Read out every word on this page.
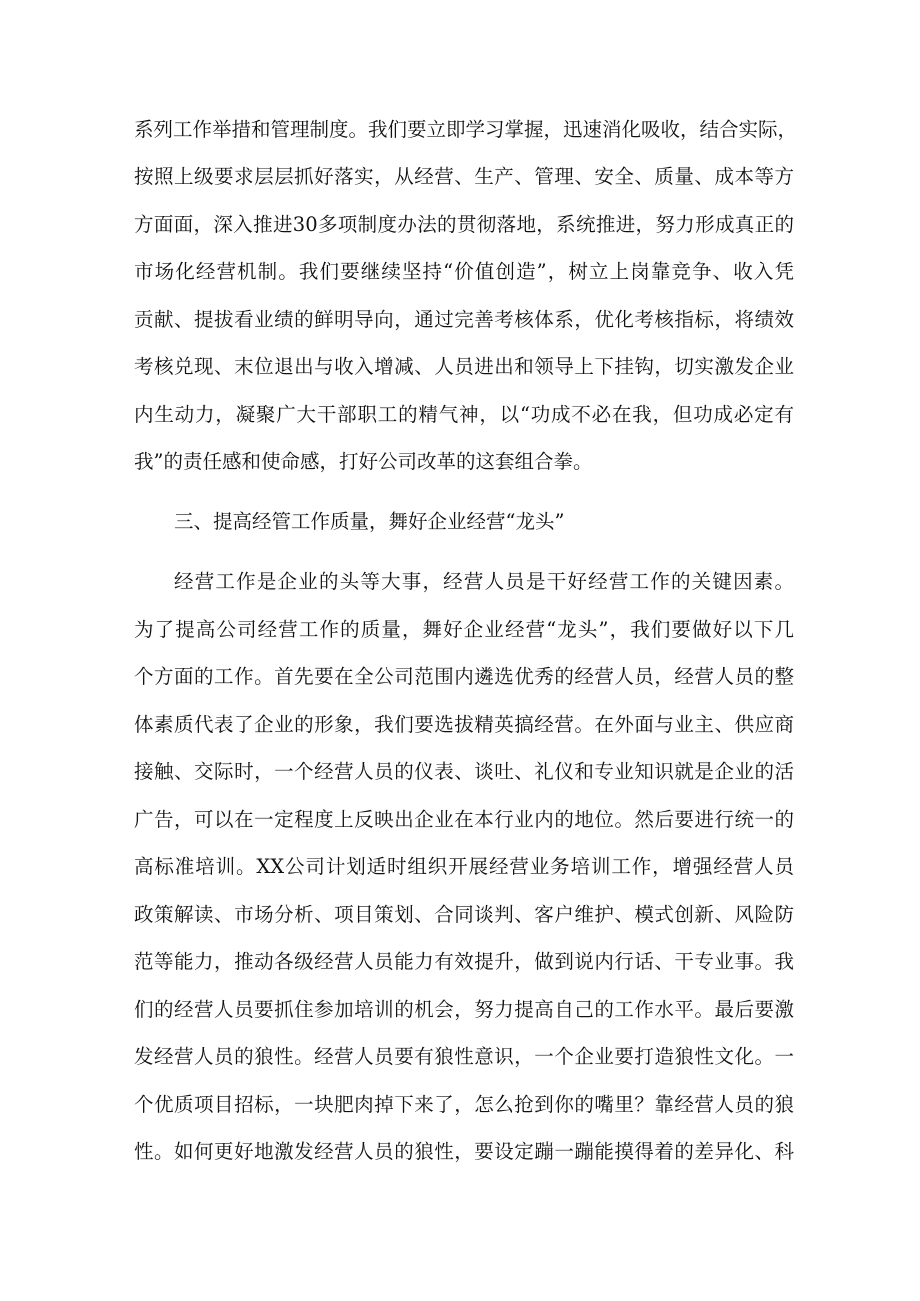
系列工作举措和管理制度。我们要立即学习掌握，迅速消化吸收，结合实际，
按照上级要求层层抓好落实，从经营、生产、管理、安全、质量、成本等方
方面面，深入推进30多项制度办法的贯彻落地，系统推进，努力形成真正的
市场化经营机制。我们要继续坚持“价值创造”，树立上岗靠竞争、收入凭
贡献、提拔看业绩的鲜明导向，通过完善考核体系，优化考核指标，将绩效
考核兑现、末位退出与收入增减、人员进出和领导上下挂钩，切实激发企业
内生动力，凝聚广大干部职工的精气神，以“功成不必在我，但功成必定有
我”的责任感和使命感，打好公司改革的这套组合拳。
三、提高经管工作质量，舞好企业经营“龙头”
经营工作是企业的头等大事，经营人员是干好经营工作的关键因素。
为了提高公司经营工作的质量，舞好企业经营“龙头”，我们要做好以下几
个方面的工作。首先要在全公司范围内遴选优秀的经营人员，经营人员的整
体素质代表了企业的形象，我们要选拔精英搞经营。在外面与业主、供应商
接触、交际时，一个经营人员的仪表、谈吐、礼仪和专业知识就是企业的活
广告，可以在一定程度上反映出企业在本行业内的地位。然后要进行统一的
高标准培训。XX公司计划适时组织开展经营业务培训工作，增强经营人员
政策解读、市场分析、项目策划、合同谈判、客户维护、模式创新、风险防
范等能力，推动各级经营人员能力有效提升，做到说内行话、干专业事。我
们的经营人员要抓住参加培训的机会，努力提高自己的工作水平。最后要激
发经营人员的狼性。经营人员要有狼性意识，一个企业要打造狼性文化。一
个优质项目招标，一块肥肉掉下来了，怎么抢到你的嘴里？靠经营人员的狼
性。如何更好地激发经营人员的狼性，要设定蹦一蹦能摸得着的差异化、科
